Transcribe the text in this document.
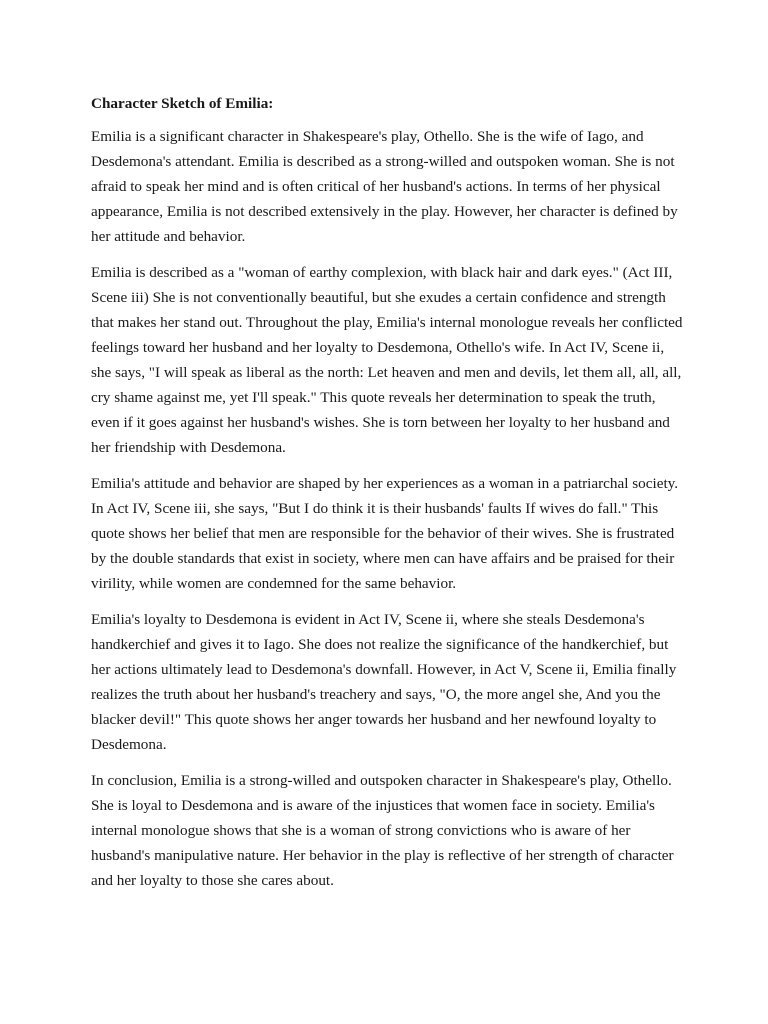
Character Sketch of Emilia:

Emilia is a significant character in Shakespeare's play, Othello. She is the wife of Iago, and Desdemona's attendant. Emilia is described as a strong-willed and outspoken woman. She is not afraid to speak her mind and is often critical of her husband's actions. In terms of her physical appearance, Emilia is not described extensively in the play. However, her character is defined by her attitude and behavior.

Emilia is described as a "woman of earthy complexion, with black hair and dark eyes." (Act III, Scene iii) She is not conventionally beautiful, but she exudes a certain confidence and strength that makes her stand out. Throughout the play, Emilia's internal monologue reveals her conflicted feelings toward her husband and her loyalty to Desdemona, Othello's wife. In Act IV, Scene ii, she says, "I will speak as liberal as the north: Let heaven and men and devils, let them all, all, all, cry shame against me, yet I'll speak." This quote reveals her determination to speak the truth, even if it goes against her husband's wishes. She is torn between her loyalty to her husband and her friendship with Desdemona.

Emilia's attitude and behavior are shaped by her experiences as a woman in a patriarchal society. In Act IV, Scene iii, she says, "But I do think it is their husbands' faults If wives do fall." This quote shows her belief that men are responsible for the behavior of their wives. She is frustrated by the double standards that exist in society, where men can have affairs and be praised for their virility, while women are condemned for the same behavior.

Emilia's loyalty to Desdemona is evident in Act IV, Scene ii, where she steals Desdemona's handkerchief and gives it to Iago. She does not realize the significance of the handkerchief, but her actions ultimately lead to Desdemona's downfall. However, in Act V, Scene ii, Emilia finally realizes the truth about her husband's treachery and says, "O, the more angel she, And you the blacker devil!" This quote shows her anger towards her husband and her newfound loyalty to Desdemona.

In conclusion, Emilia is a strong-willed and outspoken character in Shakespeare's play, Othello. She is loyal to Desdemona and is aware of the injustices that women face in society. Emilia's internal monologue shows that she is a woman of strong convictions who is aware of her husband's manipulative nature. Her behavior in the play is reflective of her strength of character and her loyalty to those she cares about.
